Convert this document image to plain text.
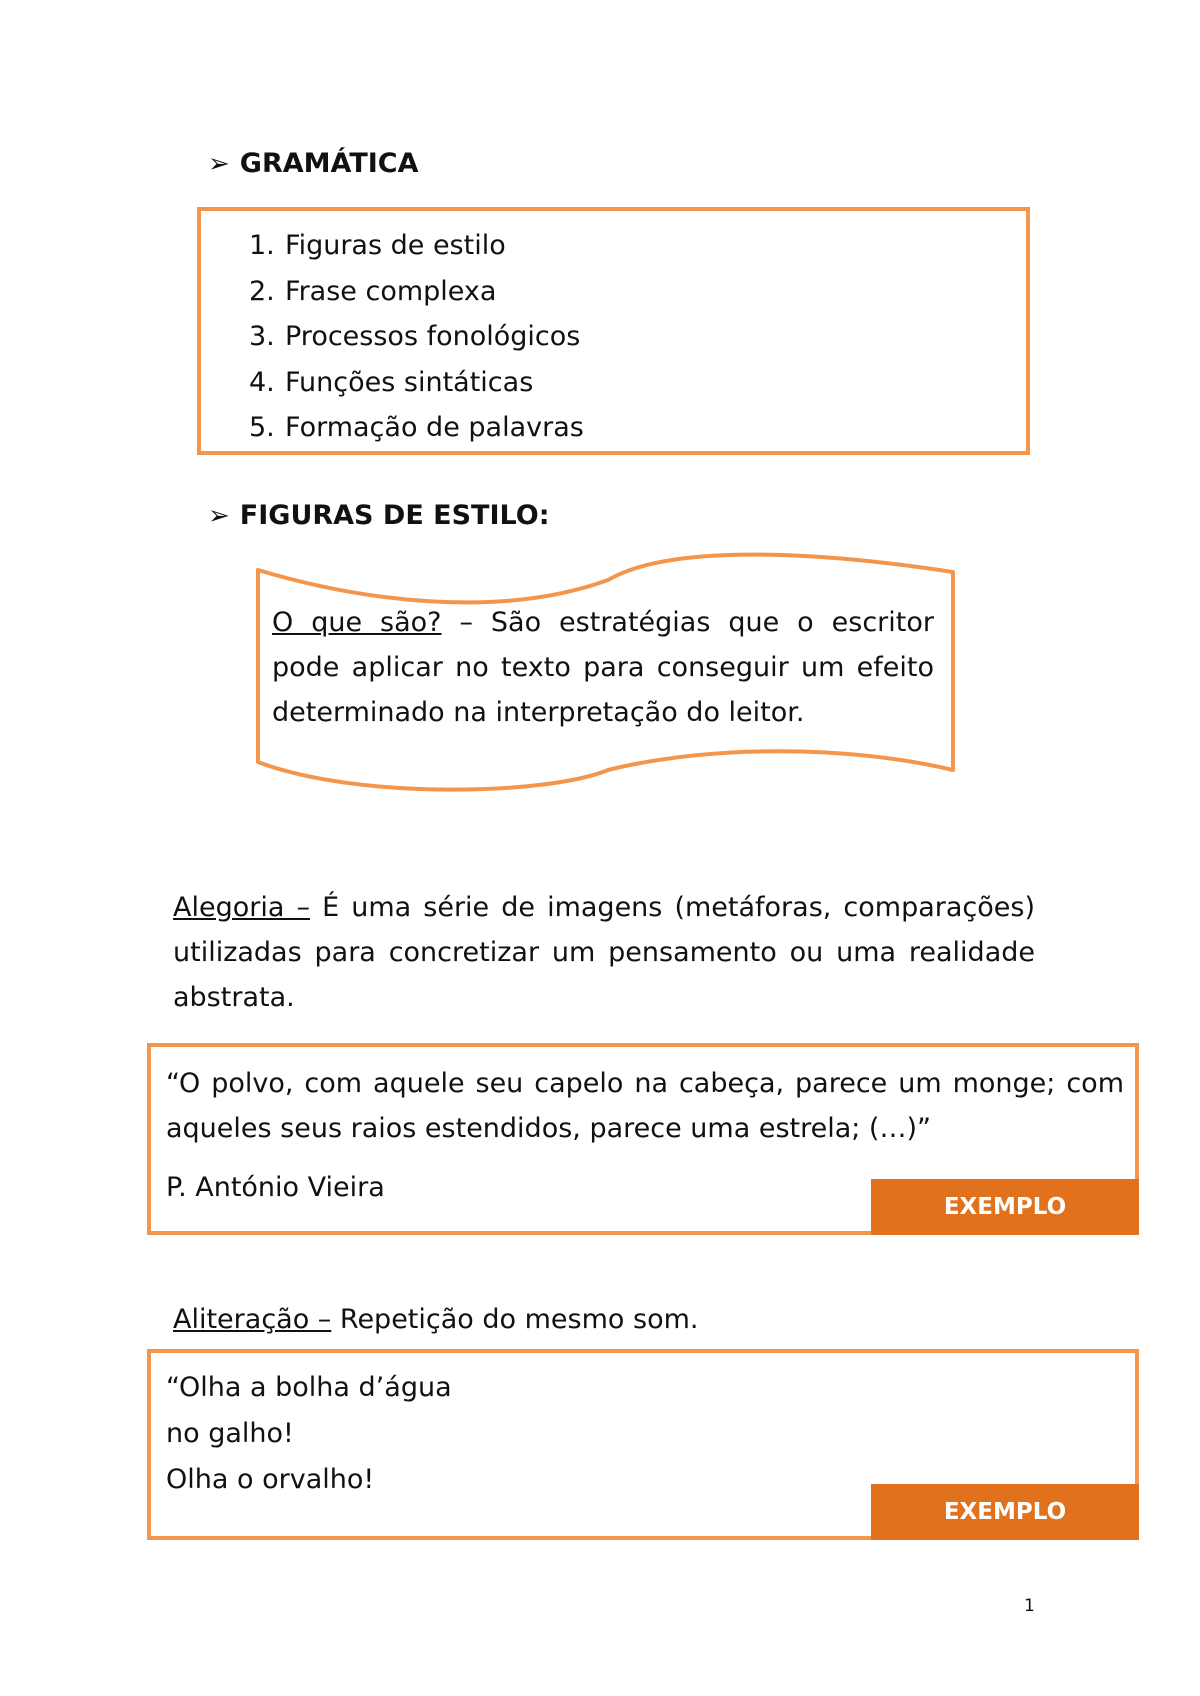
➢ GRAMÁTICA
1. Figuras de estilo
2. Frase complexa
3. Processos fonológicos
4. Funções sintáticas
5. Formação de palavras
➢ FIGURAS DE ESTILO:
O que são? – São estratégias que o escritor pode aplicar no texto para conseguir um efeito determinado na interpretação do leitor.
Alegoria – É uma série de imagens (metáforas, comparações) utilizadas para concretizar um pensamento ou uma realidade abstrata.
“O polvo, com aquele seu capelo na cabeça, parece um monge; com aqueles seus raios estendidos, parece uma estrela; (…)”
P. António Vieira
EXEMPLO
Aliteração – Repetição do mesmo som.
“Olha a bolha d’água
no galho!
Olha o orvalho!
EXEMPLO
1
